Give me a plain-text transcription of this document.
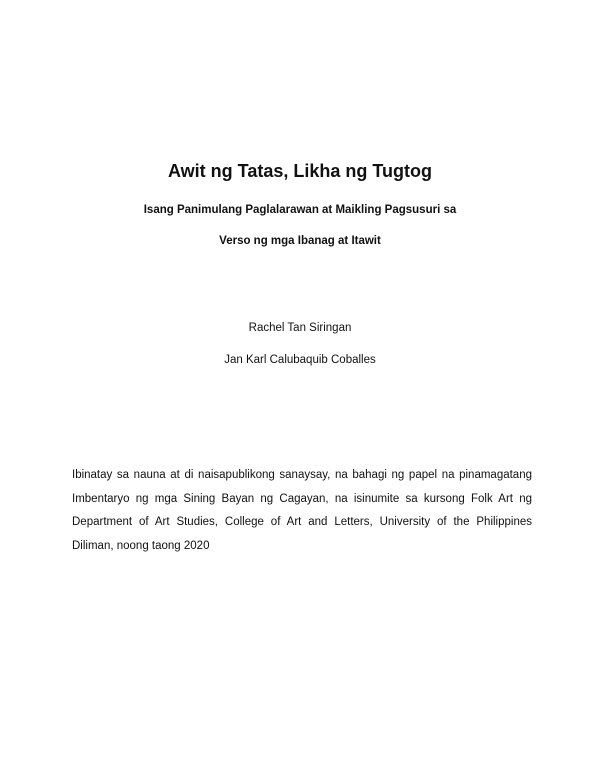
Awit ng Tatas, Likha ng Tugtog
Isang Panimulang Paglalarawan at Maikling Pagsusuri sa
Verso ng mga Ibanag at Itawit
Rachel Tan Siringan
Jan Karl Calubaquib Coballes
Ibinatay sa nauna at di naisapublikong sanaysay, na bahagi ng papel na pinamagatang
Imbentaryo ng mga Sining Bayan ng Cagayan, na isinumite sa kursong Folk Art ng
Department of Art Studies, College of Art and Letters, University of the Philippines
Diliman, noong taong 2020
